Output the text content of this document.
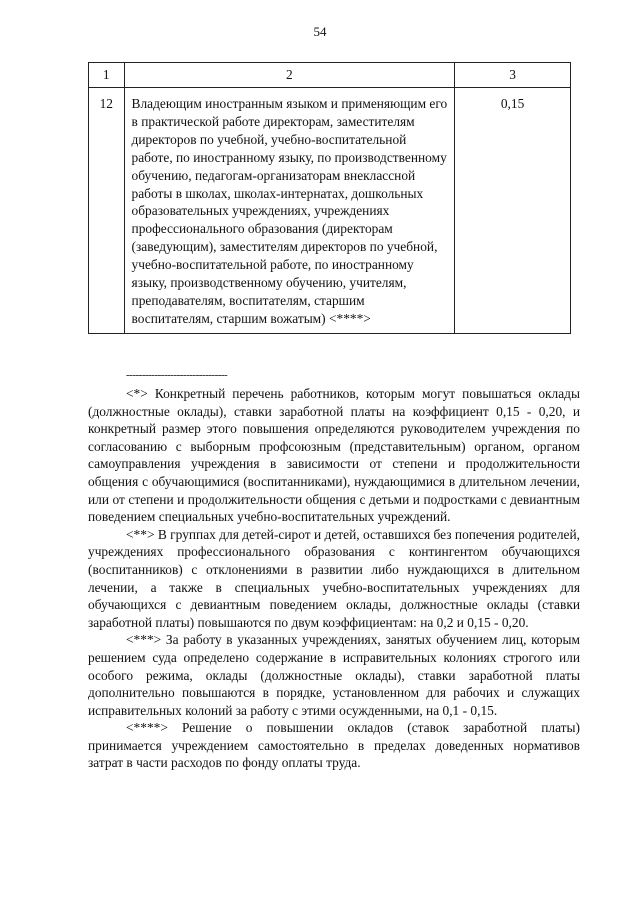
54
1	2	3
12	Владеющим иностранным языком и применяющим его в практической работе директорам, заместителям директоров по учебной, учебно-воспитательной работе, по иностранному языку, по производственному обучению, педагогам-организаторам внеклассной работы в школах, школах-интернатах, дошкольных образовательных учреждениях, учреждениях профессионального образования (директорам (заведующим), заместителям директоров по учебной, учебно-воспитательной работе, по иностранному языку, производственному обучению, учителям, преподавателям, воспитателям, старшим воспитателям, старшим вожатым) <****>	0,15
--------------------------------

<*> Конкретный перечень работников, которым могут повышаться оклады (должностные оклады), ставки заработной платы на коэффициент 0,15 - 0,20, и конкретный размер этого повышения определяются руководителем учреждения по согласованию с выборным профсоюзным (представительным) органом, органом самоуправления учреждения в зависимости от степени и продолжительности общения с обучающимися (воспитанниками), нуждающимися в длительном лечении, или от степени и продолжительности общения с детьми и подростками с девиантным поведением специальных учебно-воспитательных учреждений.

<**> В группах для детей-сирот и детей, оставшихся без попечения родителей, учреждениях профессионального образования с контингентом обучающихся (воспитанников) с отклонениями в развитии либо нуждающихся в длительном лечении, а также в специальных учебно-воспитательных учреждениях для обучающихся с девиантным поведением оклады, должностные оклады (ставки заработной платы) повышаются по двум коэффициентам: на 0,2 и 0,15 - 0,20.

<***> За работу в указанных учреждениях, занятых обучением лиц, которым решением суда определено содержание в исправительных колониях строгого или особого режима, оклады (должностные оклады), ставки заработной платы дополнительно повышаются в порядке, установленном для рабочих и служащих исправительных колоний за работу с этими осужденными, на 0,1 - 0,15.

<****> Решение о повышении окладов (ставок заработной платы) принимается учреждением самостоятельно в пределах доведенных нормативов затрат в части расходов по фонду оплаты труда.
